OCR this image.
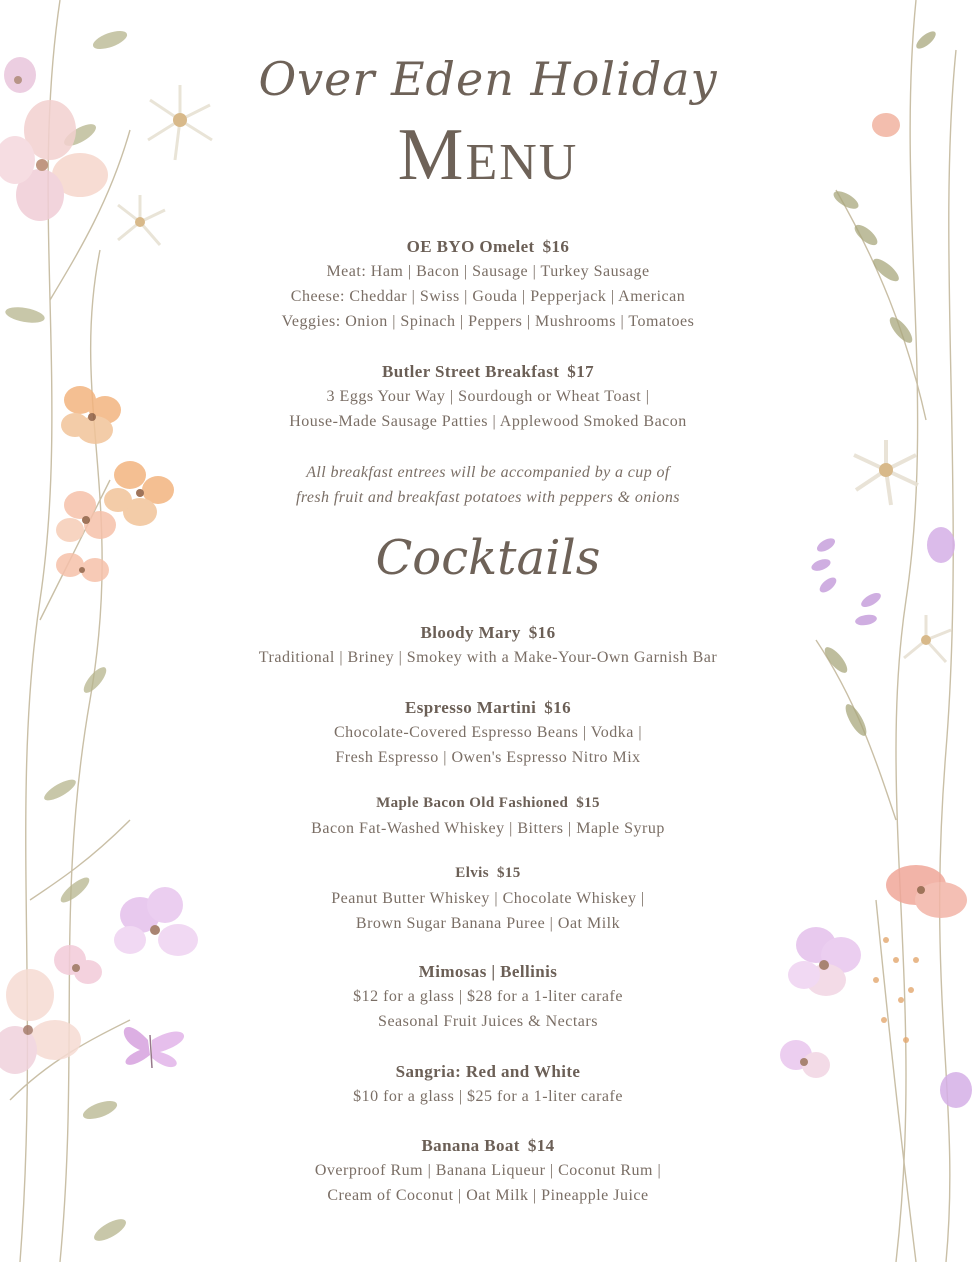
Over Eden Holiday
Menu
OE BYO Omelet $16
Meat: Ham | Bacon | Sausage | Turkey Sausage
Cheese: Cheddar | Swiss | Gouda | Pepperjack | American
Veggies: Onion | Spinach | Peppers | Mushrooms | Tomatoes
Butler Street Breakfast $17
3 Eggs Your Way | Sourdough or Wheat Toast |
House-Made Sausage Patties | Applewood Smoked Bacon
All breakfast entrees will be accompanied by a cup of
fresh fruit and breakfast potatoes with peppers & onions
Cocktails
Bloody Mary $16
Traditional | Briney | Smokey with a Make-Your-Own Garnish Bar
Espresso Martini $16
Chocolate-Covered Espresso Beans | Vodka |
Fresh Espresso | Owen's Espresso Nitro Mix
Maple Bacon Old Fashioned $15
Bacon Fat-Washed Whiskey | Bitters | Maple Syrup
Elvis $15
Peanut Butter Whiskey | Chocolate Whiskey |
Brown Sugar Banana Puree | Oat Milk
Mimosas | Bellinis
$12 for a glass | $28 for a 1-liter carafe
Seasonal Fruit Juices & Nectars
Sangria: Red and White
$10 for a glass | $25 for a 1-liter carafe
Banana Boat $14
Overproof Rum | Banana Liqueur | Coconut Rum |
Cream of Coconut | Oat Milk | Pineapple Juice
